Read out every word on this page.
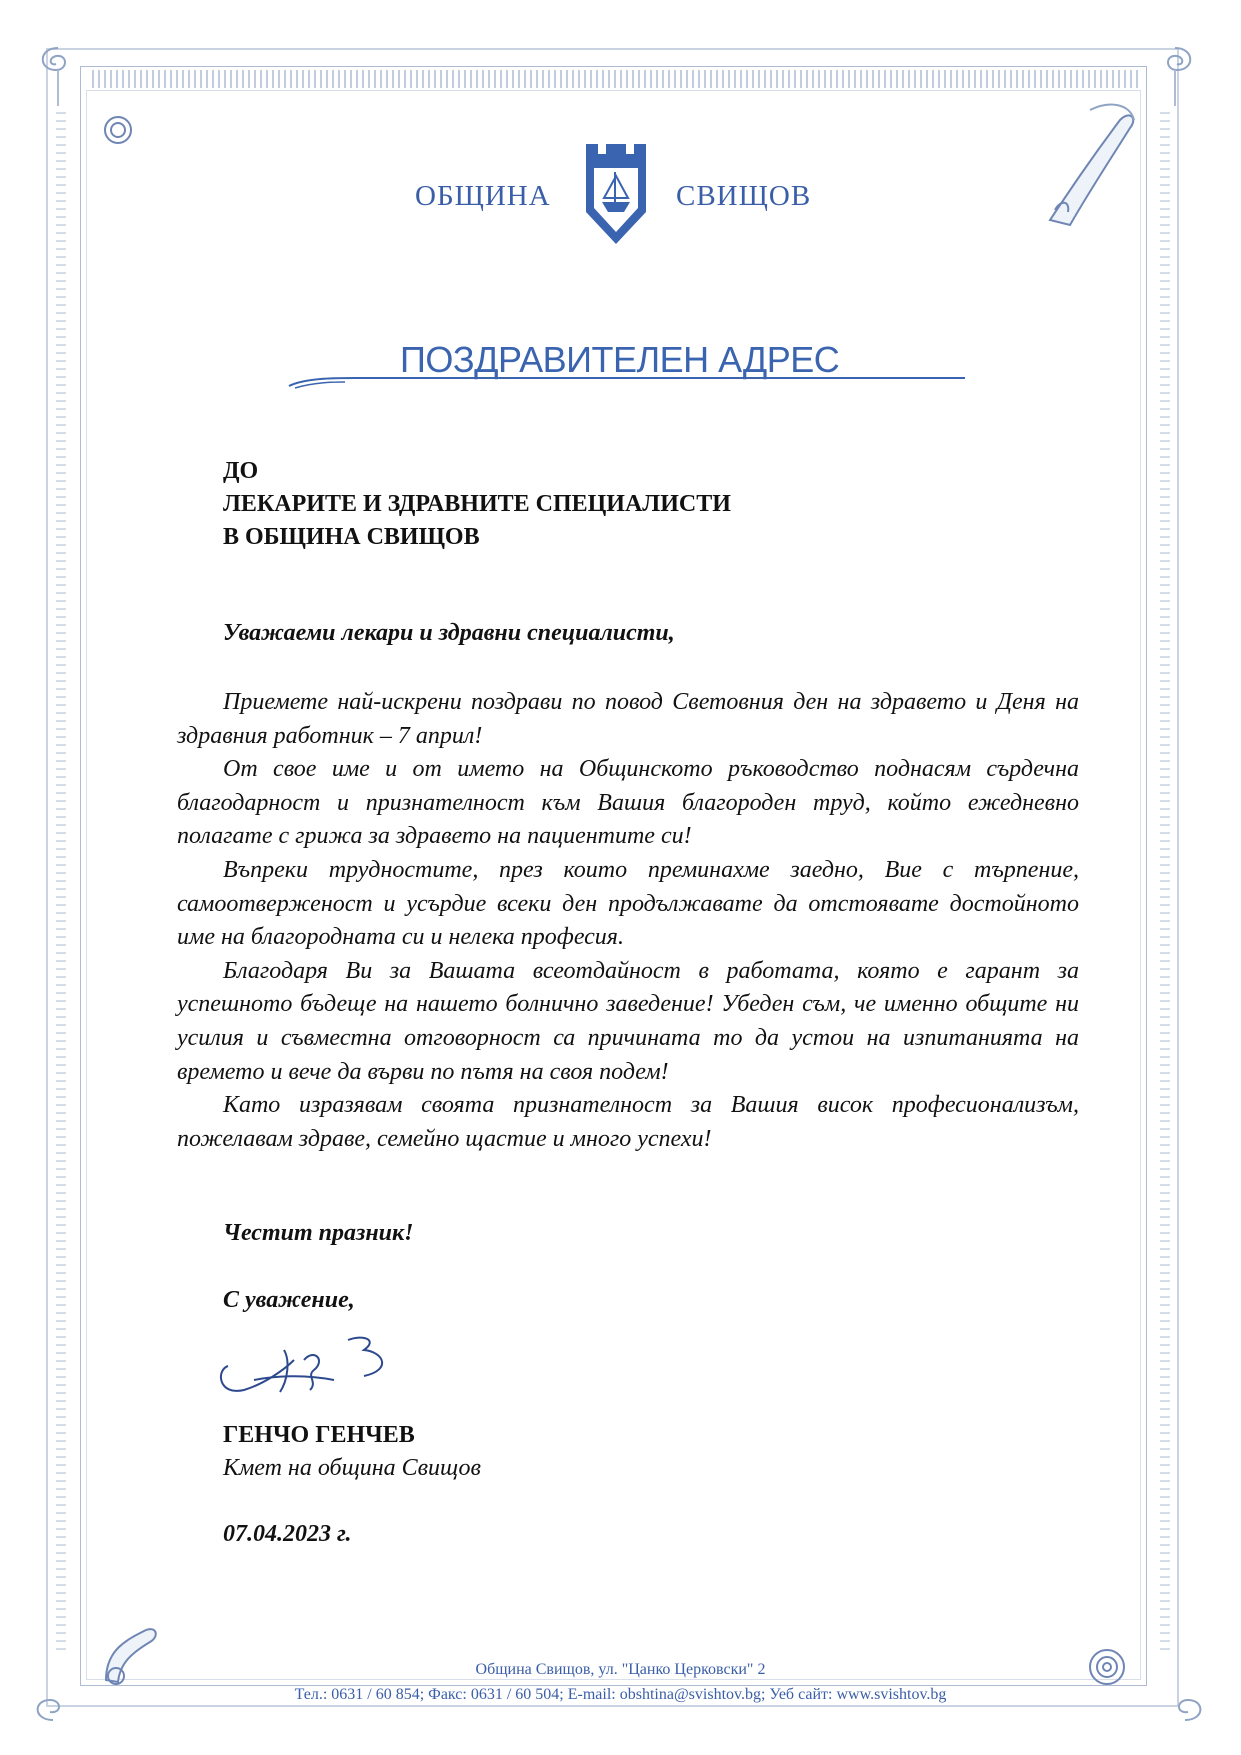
ОБЩИНА	СВИЩОВ
ПОЗДРАВИТЕЛЕН АДРЕС
ДО
ЛЕКАРИТЕ И ЗДРАВНИТЕ СПЕЦИАЛИСТИ
В ОБЩИНА СВИЩОВ
Уважаеми лекари и здравни специалисти,

Приемете най-искрени поздрави по повод Световния ден на здравето и Деня на здравния работник – 7 април!

От свое име и от името на Общинското ръководство поднасям сърдечна благодарност и признателност към Вашия благороден труд, който ежедневно полагате с грижа за здравето на пациентите си!

Въпреки трудностите, през които преминахме заедно, Вие с търпение, самоотверженост и усърдие всеки ден продължавате да отстоявате достойното име на благородната си и нелека професия.

Благодаря Ви за Вашата всеотдайност в работата, която е гарант за успешното бъдеще на нашето болнично заведение! Убеден съм, че именно общите ни усилия и съвместна отговорност са причината то да устои на изпитанията на времето и вече да върви по пътя на своя подем!

Като изразявам своята признателност за Вашия висок професионализъм, пожелавам здраве, семейно щастие и много успехи!

Честит празник!
С уважение,
ГЕНЧО ГЕНЧЕВ
Кмет на община Свищов
07.04.2023 г.
Община Свищов, ул. "Цанко Церковски" 2
Тел.: 0631 / 60 854; Факс: 0631 / 60 504; E-mail: obshtina@svishtov.bg; Уеб сайт: www.svishtov.bg
